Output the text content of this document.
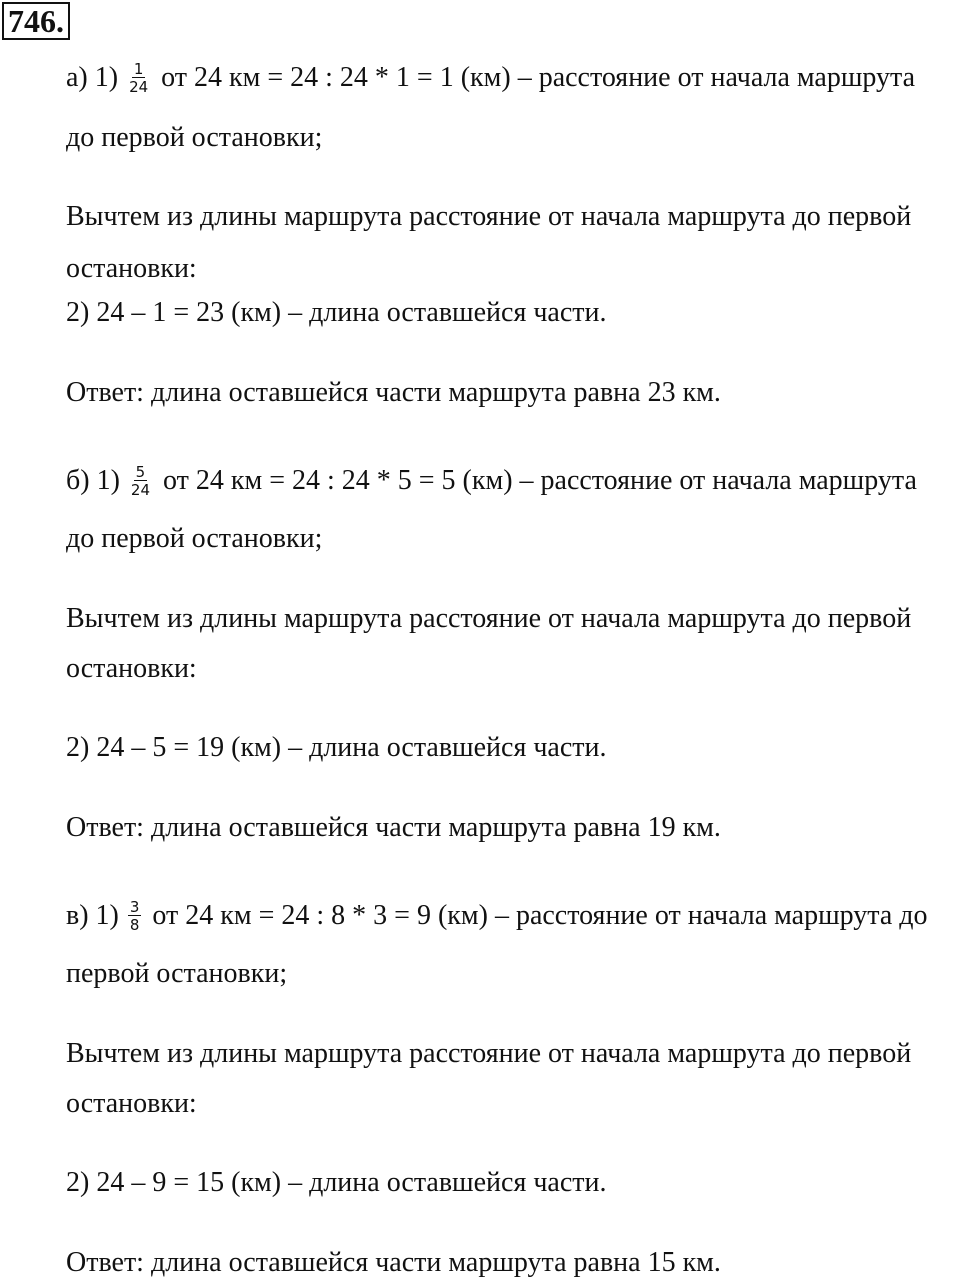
746.
а) $1) \frac{1}{24}$ от 24 км = 24 : 24 * 1 = 1 (км) – расстояние от начала маршрута
до первой остановки;
Вычтем из длины маршрута расстояние от начала маршрута до первой
остановки:
2) 24 – 1 = 23 (км) – длина оставшейся части.
Ответ: длина оставшейся части маршрута равна 23 км.
б) $1) \frac{5}{24}$ от 24 км = 24 : 24 * 5 = 5 (км) – расстояние от начала маршрута
до первой остановки;
Вычтем из длины маршрута расстояние от начала маршрута до первой
остановки:
2) 24 – 5 = 19 (км) – длина оставшейся части.
Ответ: длина оставшейся части маршрута равна 19 км.
в) $1) \frac{3}{8}$ от 24 км = 24 : 8 * 3 = 9 (км) – расстояние от начала маршрута до
первой остановки;
Вычтем из длины маршрута расстояние от начала маршрута до первой
остановки:
2) 24 – 9 = 15 (км) – длина оставшейся части.
Ответ: длина оставшейся части маршрута равна 15 км.
